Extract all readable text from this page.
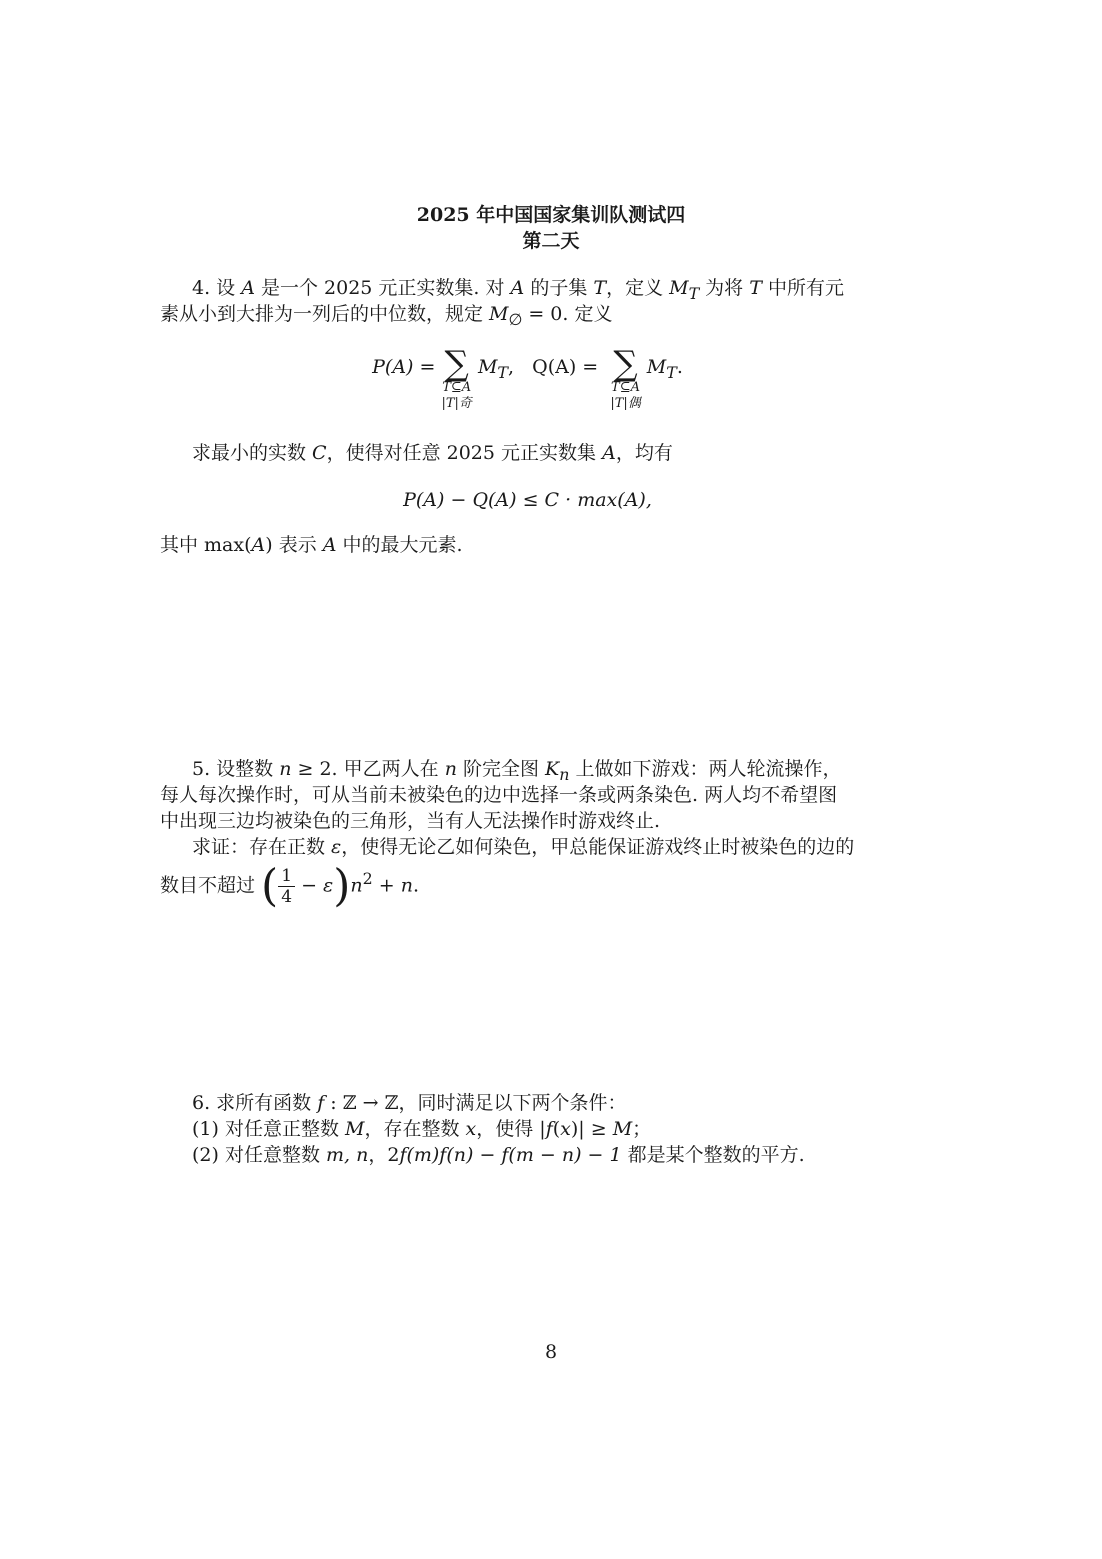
2025 年中国国家集训队测试四
第二天
4. 设 A 是一个 2025 元正实数集. 对 A 的子集 T，定义 $M_T$ 为将 T 中所有元
素从小到大排为一列后的中位数，规定 $M_\emptyset = 0$. 定义
P(A) = ∑
T⊆A
|T|奇
$M_T$,   Q(A) = ∑
T⊆A
|T|偶
$M_T$.
求最小的实数 C，使得对任意 2025 元正实数集 A，均有
P(A) − Q(A) ≤ C · max(A),
其中 max(A) 表示 A 中的最大元素.
5. 设整数 n ≥ 2. 甲乙两人在 n 阶完全图 $K_n$ 上做如下游戏：两人轮流操作，
每人每次操作时，可从当前未被染色的边中选择一条或两条染色. 两人均不希望图
中出现三边均被染色的三角形，当有人无法操作时游戏终止.
求证：存在正数 ε，使得无论乙如何染色，甲总能保证游戏终止时被染色的边的
数目不超过 ( $\frac{1}{4} - \varepsilon)n^2 + n$.
6. 求所有函数 f : ℤ → ℤ，同时满足以下两个条件：
(1) 对任意正整数 M，存在整数 x，使得 |f(x)| ≥ M；
(2) 对任意整数 m, n，2f(m)f(n) − f(m − n) − 1 都是某个整数的平方.
8
